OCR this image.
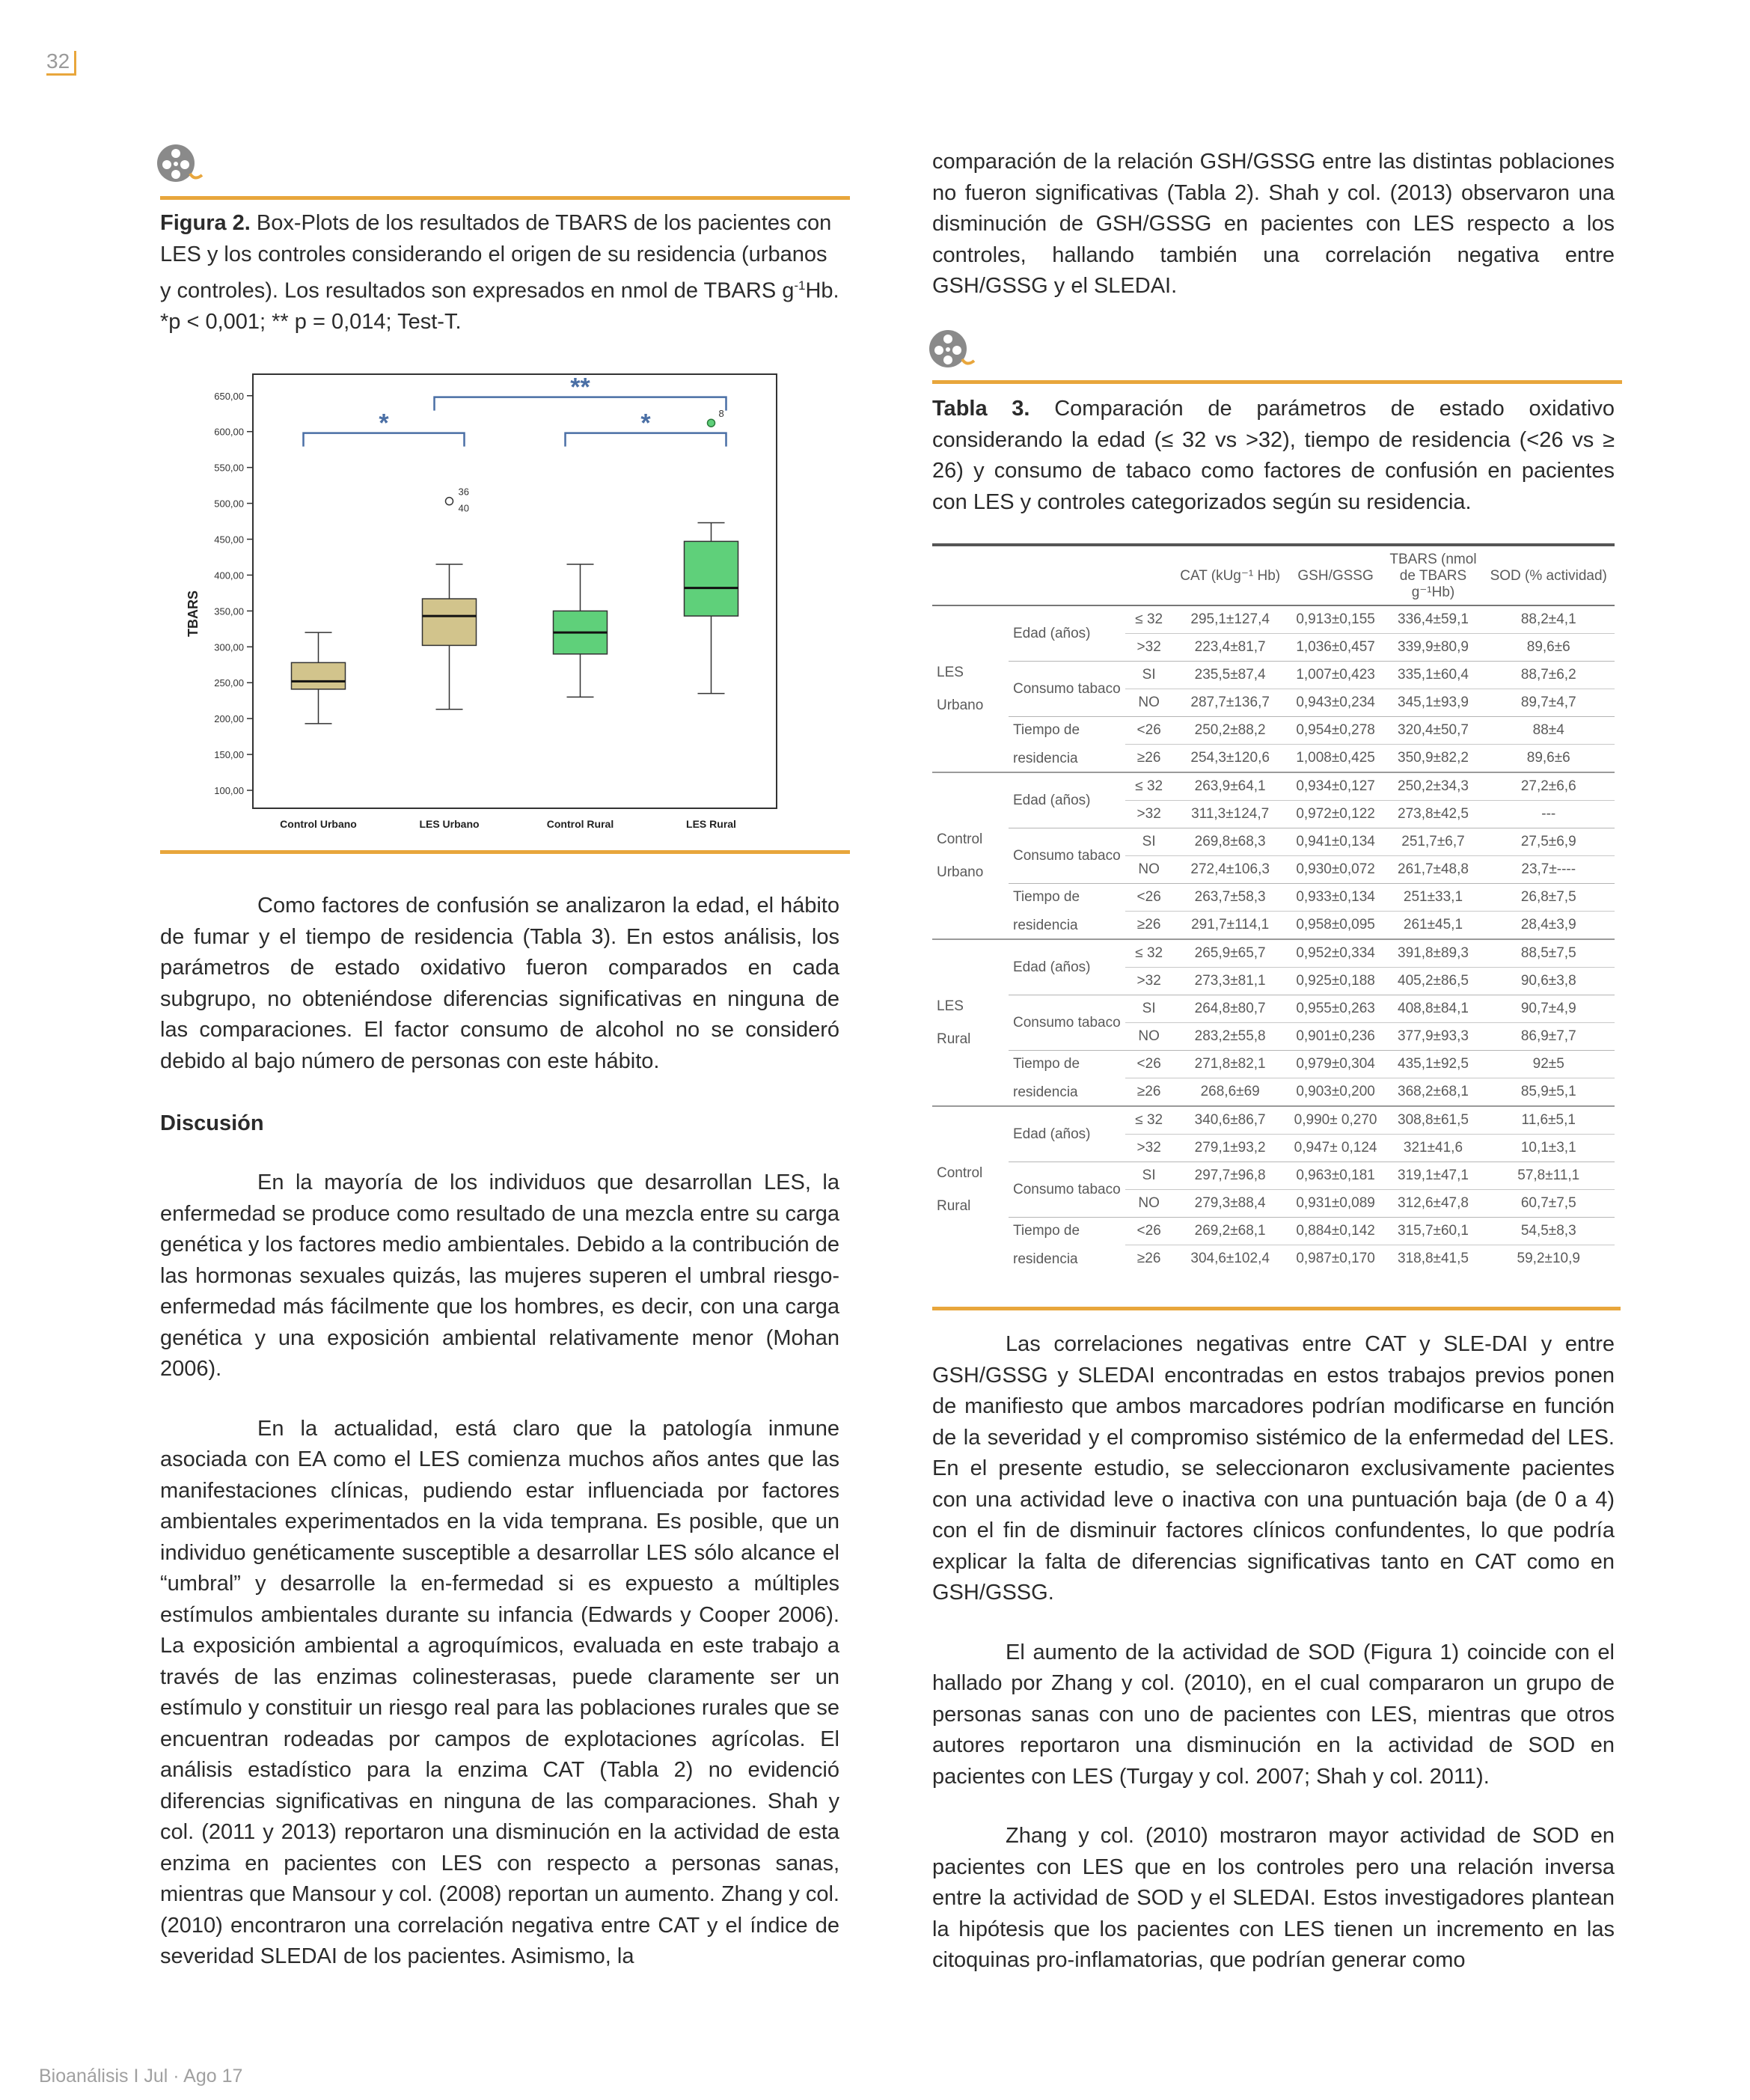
32
Figura 2. Box-Plots de los resultados de TBARS de los pacientes con LES y los controles considerando el origen de su residencia (urbanos y controles). Los resultados son expresados en nmol de TBARS $g^{-1}Hb$. *p < 0,001; ** p = 0,014; Test-T.
100,00
150,00
200,00
250,00
300,00
350,00
400,00
450,00
500,00
550,00
600,00
650,00
TBARS
Control Urbano	LES Urbano	Control Rural	LES Rural
36
40
8
*	*
**

Como factores de confusión se analizaron la edad, el hábito de fumar y el tiempo de residencia (Tabla 3). En estos análisis, los parámetros de estado oxidativo fueron comparados en cada subgrupo, no obteniéndose diferencias significativas en ninguna de las comparaciones. El factor consumo de alcohol no se consideró debido al bajo número de personas con este hábito.

Discusión

En la mayoría de los individuos que desarrollan LES, la enfermedad se produce como resultado de una mezcla entre su carga genética y los factores medio ambientales. Debido a la contribución de las hormonas sexuales quizás, las mujeres superen el umbral riesgo-enfermedad más fácilmente que los hombres, es decir, con una carga genética y una exposición ambiental relativamente menor (Mohan 2006).

En la actualidad, está claro que la patología inmune asociada con EA como el LES comienza muchos años antes que las manifestaciones clínicas, pudiendo estar influenciada por factores ambientales experimentados en la vida temprana. Es posible, que un individuo genéticamente susceptible a desarrollar LES sólo alcance el “umbral” y desarrolle la en-fermedad si es expuesto a múltiples estímulos ambientales durante su infancia (Edwards y Cooper 2006). La exposición ambiental a agroquímicos, evaluada en este trabajo a través de las enzimas colinesterasas, puede claramente ser un estímulo y constituir un riesgo real para las poblaciones rurales que se encuentran rodeadas por campos de explotaciones agrícolas. El análisis estadístico para la enzima CAT (Tabla 2) no evidenció diferencias significativas en ninguna de las comparaciones. Shah y col. (2011 y 2013) reportaron una disminución en la actividad de esta enzima en pacientes con LES con respecto a personas sanas, mientras que Mansour y col. (2008) reportan un aumento. Zhang y col. (2010) encontraron una correlación negativa entre CAT y el índice de severidad SLEDAI de los pacientes. Asimismo, la

comparación de la relación GSH/GSSG entre las distintas poblaciones no fueron significativas (Tabla 2). Shah y col. (2013) observaron una disminución de GSH/GSSG en pacientes con LES respecto a los controles, hallando también una correlación negativa entre GSH/GSSG y el SLEDAI.

Tabla 3. Comparación de parámetros de estado oxidativo considerando la edad (≤ 32 vs >32), tiempo de residencia (<26 vs ≥ 26) y consumo de tabaco como factores de confusión en pacientes con LES y controles categorizados según su residencia.
			CAT (kUg⁻¹ Hb)	GSH/GSSG	TBARS (nmol de TBARS g⁻¹Hb)	SOD (% actividad)

LES
Urbano	Edad (años)	≤ 32	295,1±127,4	0,913±0,155	336,4±59,1	88,2±4,1
		>32	223,4±81,7	1,036±0,457	339,9±80,9	89,6±6

	Consumo tabaco	SI	235,5±87,4	1,007±0,423	335,1±60,4	88,7±6,2
		NO	287,7±136,7	0,943±0,234	345,1±93,9	89,7±4,7

	Tiempo de
residencia	<26	250,2±88,2	0,954±0,278	320,4±50,7	88±4
		≥26	254,3±120,6	1,008±0,425	350,9±82,2	89,6±6

Control
Urbano	Edad (años)	≤ 32	263,9±64,1	0,934±0,127	250,2±34,3	27,2±6,6
		>32	311,3±124,7	0,972±0,122	273,8±42,5	---

	Consumo tabaco	SI	269,8±68,3	0,941±0,134	251,7±6,7	27,5±6,9
		NO	272,4±106,3	0,930±0,072	261,7±48,8	23,7±----

	Tiempo de
residencia	<26	263,7±58,3	0,933±0,134	251±33,1	26,8±7,5
		≥26	291,7±114,1	0,958±0,095	261±45,1	28,4±3,9

LES
Rural	Edad (años)	≤ 32	265,9±65,7	0,952±0,334	391,8±89,3	88,5±7,5
		>32	273,3±81,1	0,925±0,188	405,2±86,5	90,6±3,8

	Consumo tabaco	SI	264,8±80,7	0,955±0,263	408,8±84,1	90,7±4,9
		NO	283,2±55,8	0,901±0,236	377,9±93,3	86,9±7,7

	Tiempo de
residencia	<26	271,8±82,1	0,979±0,304	435,1±92,5	92±5
		≥26	268,6±69	0,903±0,200	368,2±68,1	85,9±5,1

Control
Rural	Edad (años)	≤ 32	340,6±86,7	0,990± 0,270	308,8±61,5	11,6±5,1
		>32	279,1±93,2	0,947± 0,124	321±41,6	10,1±3,1

	Consumo tabaco	SI	297,7±96,8	0,963±0,181	319,1±47,1	57,8±11,1
		NO	279,3±88,4	0,931±0,089	312,6±47,8	60,7±7,5

	Tiempo de
residencia	<26	269,2±68,1	0,884±0,142	315,7±60,1	54,5±8,3
		≥26	304,6±102,4	0,987±0,170	318,8±41,5	59,2±10,9

Las correlaciones negativas entre CAT y SLE-DAI y entre GSH/GSSG y SLEDAI encontradas en estos trabajos previos ponen de manifiesto que ambos marcadores podrían modificarse en función de la severidad y el compromiso sistémico de la enfermedad del LES. En el presente estudio, se seleccionaron exclusivamente pacientes con una actividad leve o inactiva con una puntuación baja (de 0 a 4) con el fin de disminuir factores clínicos confundentes, lo que podría explicar la falta de diferencias significativas tanto en CAT como en GSH/GSSG.

El aumento de la actividad de SOD (Figura 1) coincide con el hallado por Zhang y col. (2010), en el cual compararon un grupo de personas sanas con uno de pacientes con LES, mientras que otros autores reportaron una disminución en la actividad de SOD en pacientes con LES (Turgay y col. 2007; Shah y col. 2011).

Zhang y col. (2010) mostraron mayor actividad de SOD en pacientes con LES que en los controles pero una relación inversa entre la actividad de SOD y el SLEDAI. Estos investigadores plantean la hipótesis que los pacientes con LES tienen un incremento en las citoquinas pro-inflamatorias, que podrían generar como

Bioanálisis I Jul · Ago 17
